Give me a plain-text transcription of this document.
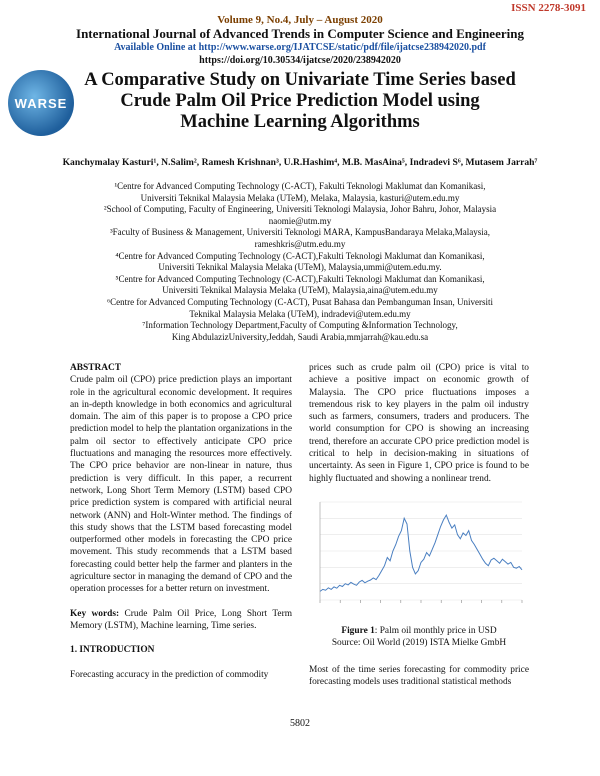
ISSN 2278-3091
Volume 9, No.4, July – August 2020
International Journal of Advanced Trends in Computer Science and Engineering
Available Online at http://www.warse.org/IJATCSE/static/pdf/file/ijatcse238942020.pdf
https://doi.org/10.30534/ijatcse/2020/238942020
WARSE
A Comparative Study on Univariate Time Series based
Crude Palm Oil Price Prediction Model using
Machine Learning Algorithms
Kanchymalay Kasturi¹, N.Salim², Ramesh Krishnan³, U.R.Hashim⁴, M.B. MasAina⁵, Indradevi S⁶, Mutasem Jarrah⁷
¹Centre for Advanced Computing Technology (C-ACT), Fakulti Teknologi Maklumat dan Komanikasi,
Universiti Teknikal Malaysia Melaka (UTeM), Melaka, Malaysia, kasturi@utem.edu.my
²School of Computing, Faculty of Engineering, Universiti Teknologi Malaysia, Johor Bahru, Johor, Malaysia
naomie@utm.my
³Faculty of Business & Management, Universiti Teknologi MARA, KampusBandaraya Melaka,Malaysia,
rameshkris@utm.edu.my
⁴Centre for Advanced Computing Technology (C-ACT),Fakulti Teknologi Maklumat dan Komanikasi,
Universiti Teknikal Malaysia Melaka (UTeM), Malaysia,ummi@utem.edu.my.
⁵Centre for Advanced Computing Technology (C-ACT),Fakulti Teknologi Maklumat dan Komanikasi,
Universiti Teknikal Malaysia Melaka (UTeM), Malaysia,aina@utem.edu.my
⁶Centre for Advanced Computing Technology (C-ACT), Pusat Bahasa dan Pembanguman Insan, Universiti
Teknikal Malaysia Melaka (UTeM), indradevi@utem.edu.my
⁷Information Technology Department,Faculty of Computing &Information Technology,
King AbdulazizUniversity,Jeddah, Saudi Arabia,mmjarrah@kau.edu.sa

ABSTRACT

Crude palm oil (CPO) price prediction plays an important role in the agricultural economic development. It requires an in-depth knowledge in both economics and agricultural domain. The aim of this paper is to propose a CPO price prediction model to help the plantation organizations in the palm oil sector to effectively anticipate CPO price fluctuations and managing the resources more effectively. The CPO price behavior are non-linear in nature, thus prediction is very difficult. In this paper, a recurrent network, Long Short Term Memory (LSTM) based CPO price prediction system is compared with artificial neural network (ANN) and Holt-Winter method. The findings of this study shows that the LSTM based forecasting model outperformed other models in forecasting the CPO price movement. This study recommends that a LSTM based forecasting could better help the farmer and planters in the agriculture sector in managing the demand of CPO and the operation processes for a better return on investment.

Key words: Crude Palm Oil Price, Long Short Term Memory (LSTM), Machine learning, Time series.

1. INTRODUCTION

Forecasting accuracy in the prediction of commodity

prices such as crude palm oil (CPO) price is vital to achieve a positive impact on economic growth of Malaysia. The CPO price fluctuations imposes a tremendous risk to key players in the palm oil industry such as farmers, consumers, traders and producers. The world consumption for CPO is showing an increasing trend, therefore an accurate CPO price prediction model is critical to help in decision-making in situations of uncertainty. As seen in Figure 1, CPO price is found to be highly fluctuated and showing a nonlinear trend.

Figure 1: Palm oil monthly price in USD
Source: Oil World (2019) ISTA Mielke GmbH

Most of the time series forecasting for commodity price forecasting models uses traditional statistical methods

5802
